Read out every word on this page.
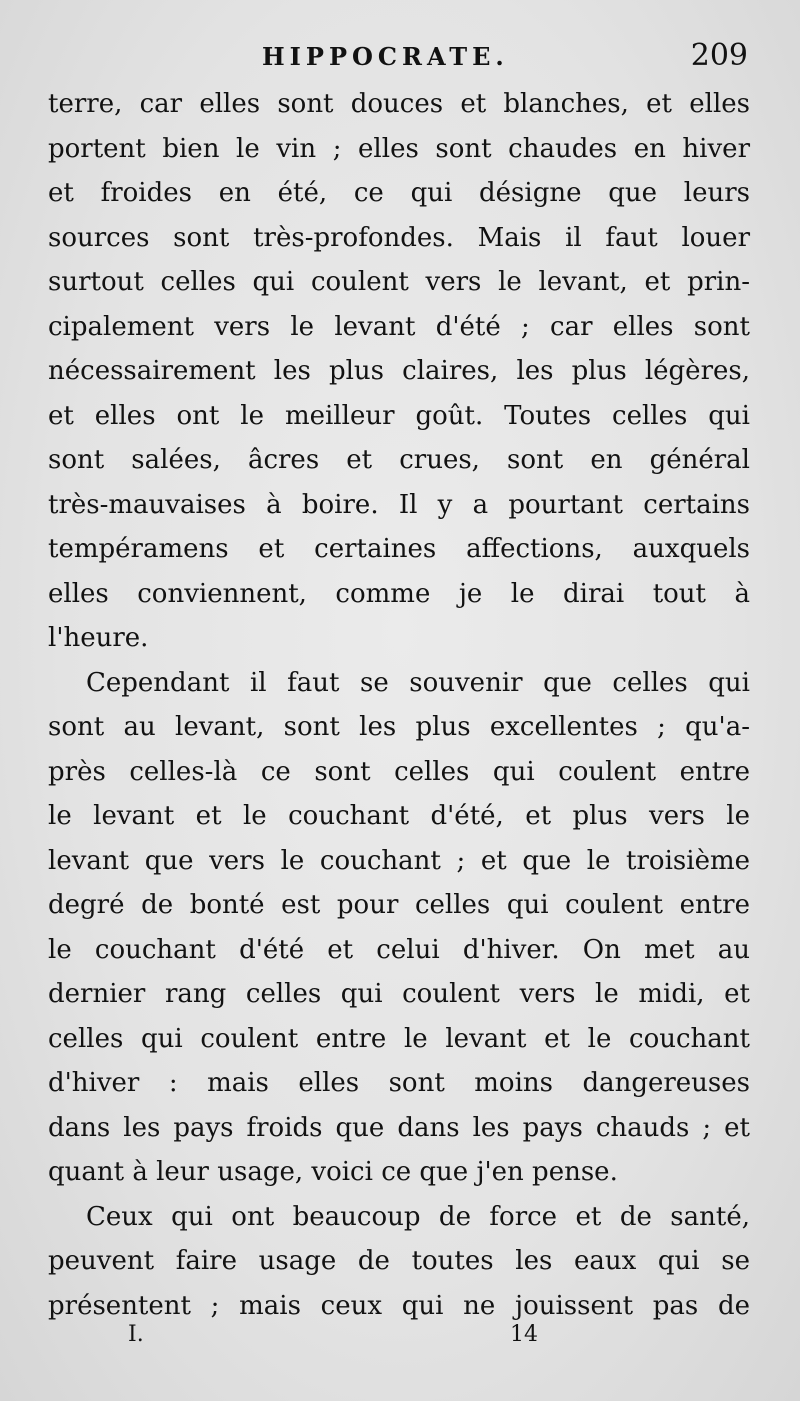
HIPPOCRATE.	209
terre, car elles sont douces et blanches, et elles
portent bien le vin ; elles sont chaudes en hiver
et froides en été, ce qui désigne que leurs
sources sont très-profondes. Mais il faut louer
surtout celles qui coulent vers le levant, et prin-
cipalement vers le levant d'été ; car elles sont
nécessairement les plus claires, les plus légères,
et elles ont le meilleur goût. Toutes celles qui
sont salées, âcres et crues, sont en général
très-mauvaises à boire. Il y a pourtant certains
tempéramens et certaines affections, auxquels
elles conviennent, comme je le dirai tout à
l'heure.
Cependant il faut se souvenir que celles qui
sont au levant, sont les plus excellentes ; qu'a-
près celles-là ce sont celles qui coulent entre
le levant et le couchant d'été, et plus vers le
levant que vers le couchant ; et que le troisième
degré de bonté est pour celles qui coulent entre
le couchant d'été et celui d'hiver. On met au
dernier rang celles qui coulent vers le midi, et
celles qui coulent entre le levant et le couchant
d'hiver : mais elles sont moins dangereuses
dans les pays froids que dans les pays chauds ; et
quant à leur usage, voici ce que j'en pense.
Ceux qui ont beaucoup de force et de santé,
peuvent faire usage de toutes les eaux qui se
présentent ; mais ceux qui ne jouissent pas de
I.	14
